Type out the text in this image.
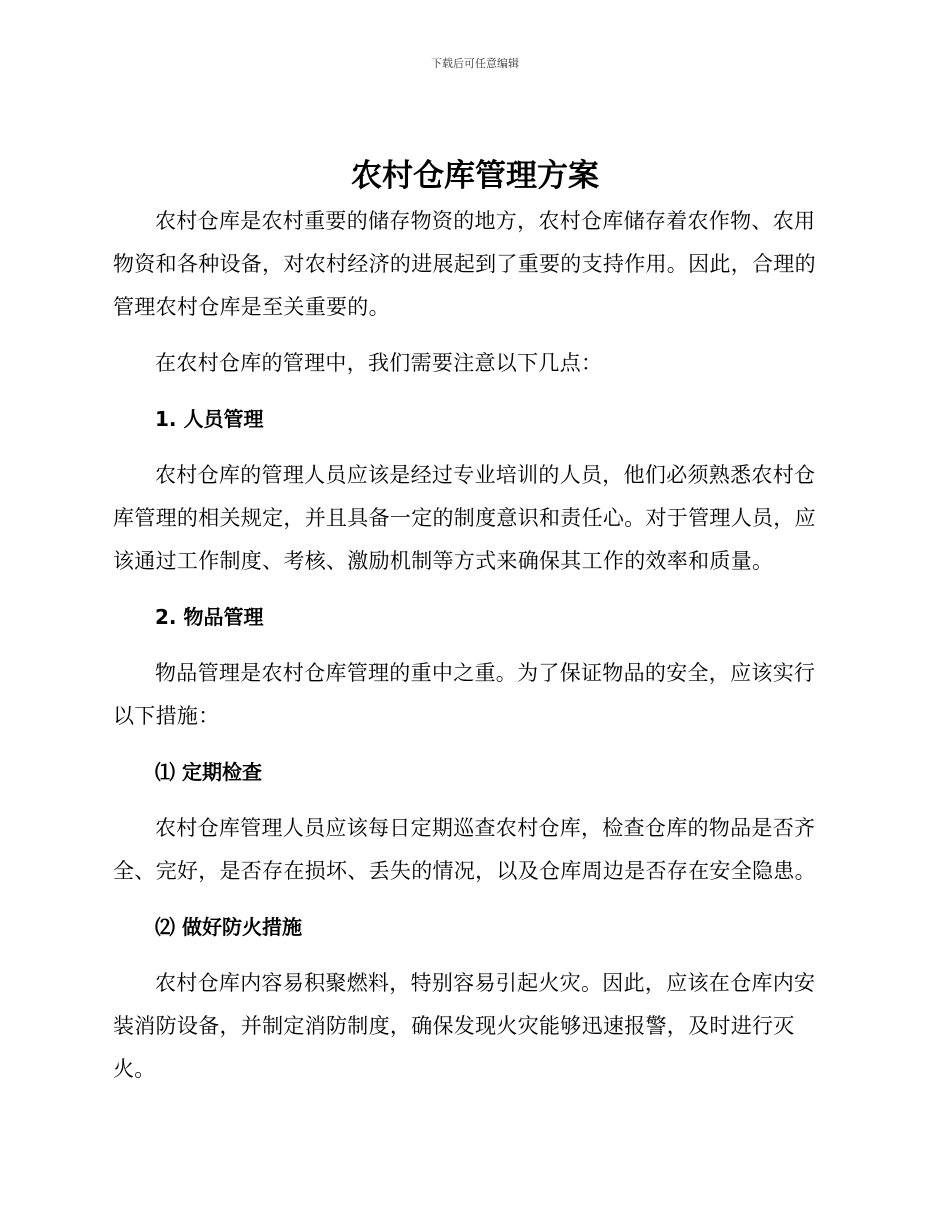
下载后可任意编辑
农村仓库管理方案

农村仓库是农村重要的储存物资的地方，农村仓库储存着农作物、农用物资和各种设备，对农村经济的进展起到了重要的支持作用。因此，合理的管理农村仓库是至关重要的。

在农村仓库的管理中，我们需要注意以下几点：

1. 人员管理

农村仓库的管理人员应该是经过专业培训的人员，他们必须熟悉农村仓库管理的相关规定，并且具备一定的制度意识和责任心。对于管理人员，应该通过工作制度、考核、激励机制等方式来确保其工作的效率和质量。

2. 物品管理

物品管理是农村仓库管理的重中之重。为了保证物品的安全，应该实行以下措施：

⑴ 定期检查

农村仓库管理人员应该每日定期巡查农村仓库，检查仓库的物品是否齐全、完好，是否存在损坏、丢失的情况，以及仓库周边是否存在安全隐患。

⑵ 做好防火措施

农村仓库内容易积聚燃料，特别容易引起火灾。因此，应该在仓库内安装消防设备，并制定消防制度，确保发现火灾能够迅速报警，及时进行灭火。
